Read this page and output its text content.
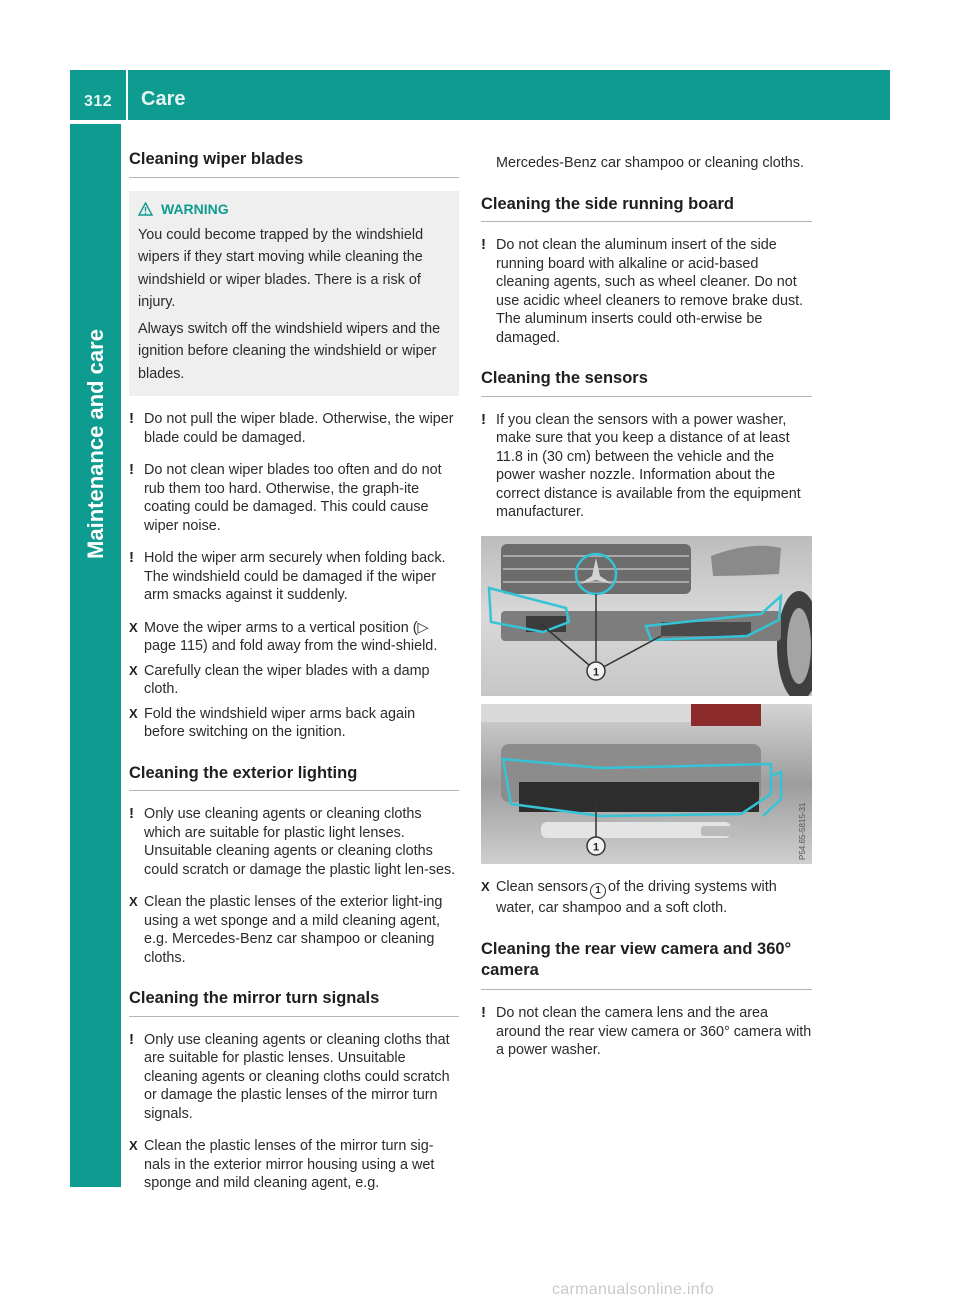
312 Care
Maintenance and care
Cleaning wiper blades
WARNING

You could become trapped by the windshield wipers if they start moving while cleaning the windshield or wiper blades. There is a risk of injury.

Always switch off the windshield wipers and the ignition before cleaning the windshield or wiper blades.

! Do not pull the wiper blade. Otherwise, the wiper blade could be damaged.

! Do not clean wiper blades too often and do not rub them too hard. Otherwise, the graph-ite coating could be damaged. This could cause wiper noise.

! Hold the wiper arm securely when folding back. The windshield could be damaged if the wiper arm smacks against it suddenly.

X Move the wiper arms to a vertical position (▷ page 115) and fold away from the wind-shield.

X Carefully clean the wiper blades with a damp cloth.

X Fold the windshield wiper arms back again before switching on the ignition.

Cleaning the exterior lighting
! Only use cleaning agents or cleaning cloths which are suitable for plastic light lenses. Unsuitable cleaning agents or cleaning cloths could scratch or damage the plastic light len-ses.

X Clean the plastic lenses of the exterior light-ing using a wet sponge and a mild cleaning agent, e.g. Mercedes-Benz car shampoo or cleaning cloths.

Cleaning the mirror turn signals
! Only use cleaning agents or cleaning cloths that are suitable for plastic lenses. Unsuitable cleaning agents or cleaning cloths could scratch or damage the plastic lenses of the mirror turn signals.

X Clean the plastic lenses of the mirror turn sig-nals in the exterior mirror housing using a wet sponge and mild cleaning agent, e.g.

Mercedes-Benz car shampoo or cleaning cloths.

Cleaning the side running board
! Do not clean the aluminum insert of the side running board with alkaline or acid-based cleaning agents, such as wheel cleaner. Do not use acidic wheel cleaners to remove brake dust. The aluminum inserts could oth-erwise be damaged.

Cleaning the sensors
! If you clean the sensors with a power washer, make sure that you keep a distance of at least 11.8 in (30 cm) between the vehicle and the power washer nozzle. Information about the correct distance is available from the equipment manufacturer.

1
1	P54.65-5815-31
X Clean sensors 1 of the driving systems with water, car shampoo and a soft cloth.

Cleaning the rear view camera and 360° camera
! Do not clean the camera lens and the area around the rear view camera or 360° camera with a power washer.

carmanualsonline.info
